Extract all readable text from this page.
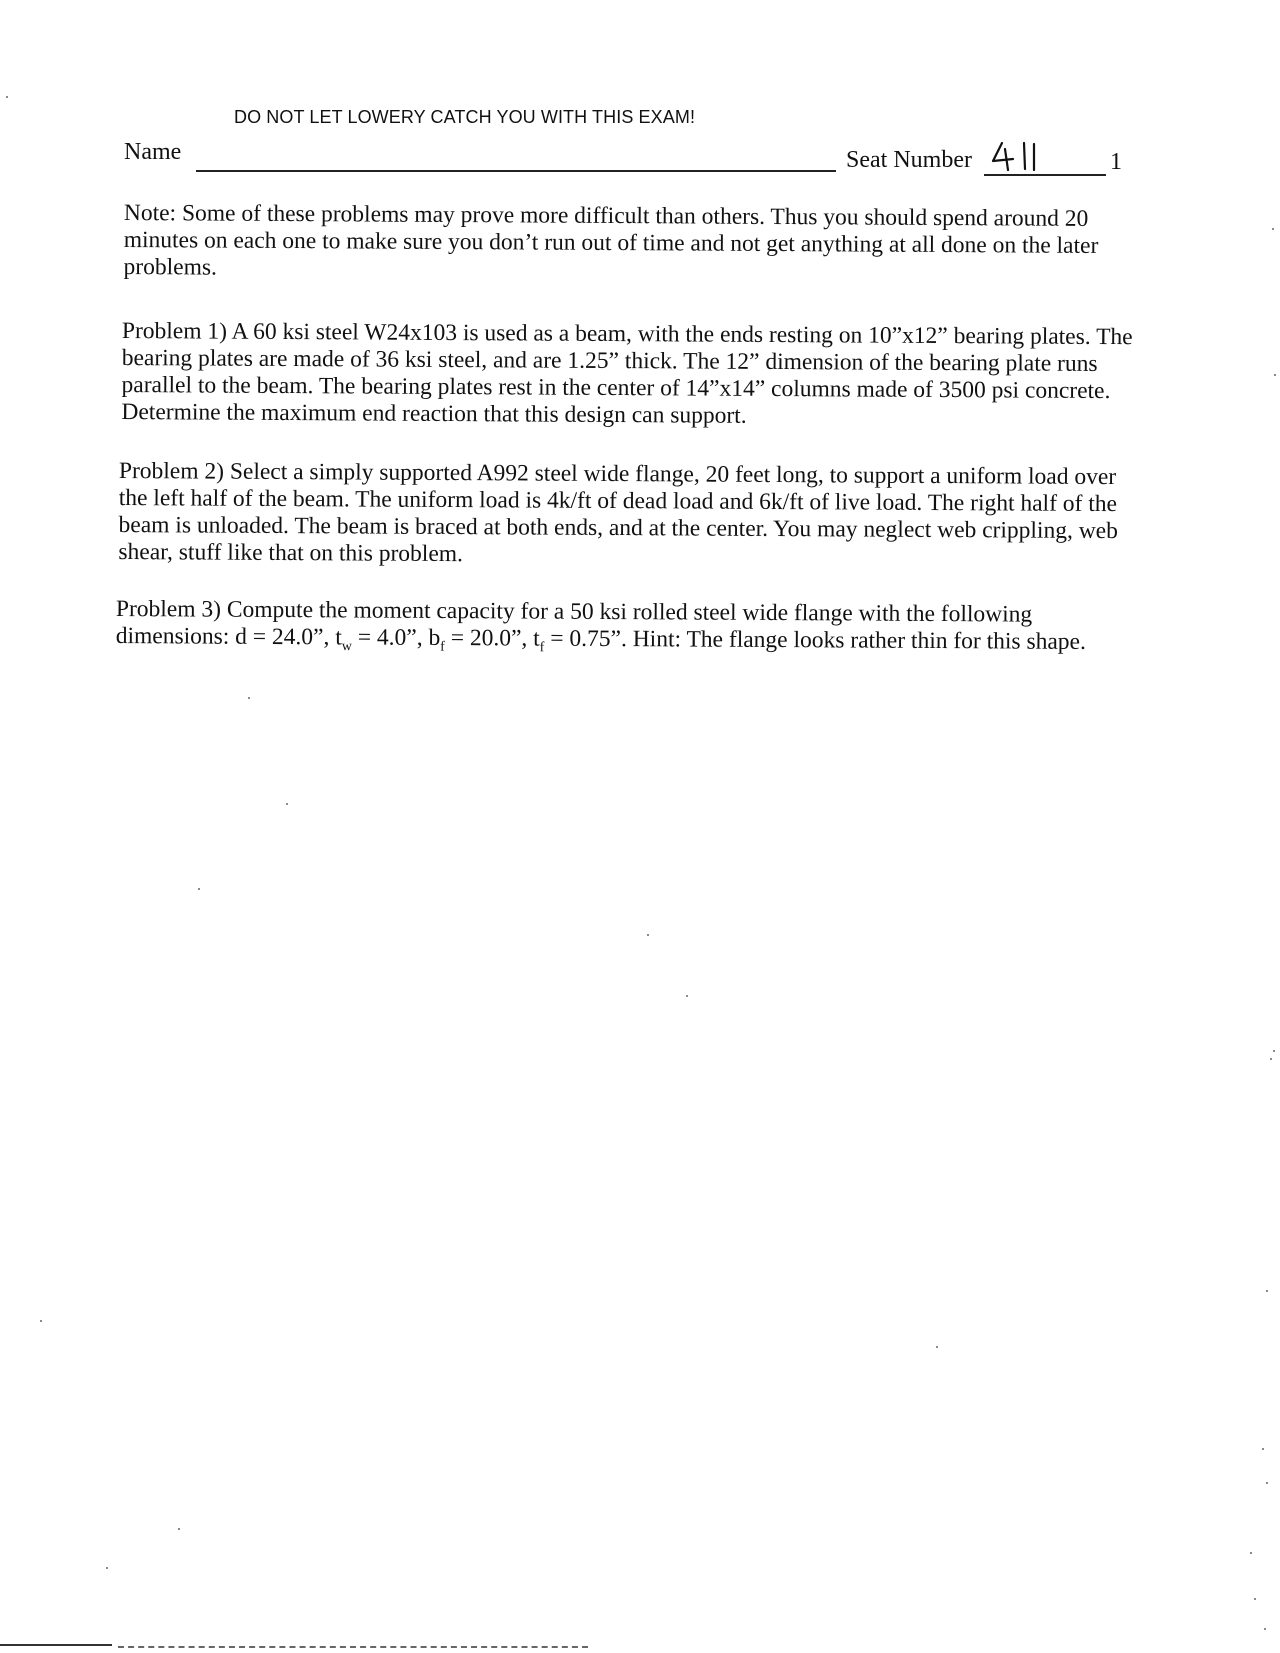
DO NOT LET LOWERY CATCH YOU WITH THIS EXAM!
Name	Seat Number	1
Note: Some of these problems may prove more difficult than others. Thus you should spend around 20 minutes on each one to make sure you don’t run out of time and not get anything at all done on the later problems.
Problem 1) A 60 ksi steel W24x103 is used as a beam, with the ends resting on 10”x12” bearing plates. The bearing plates are made of 36 ksi steel, and are 1.25” thick. The 12” dimension of the bearing plate runs parallel to the beam. The bearing plates rest in the center of 14”x14” columns made of 3500 psi concrete. Determine the maximum end reaction that this design can support.
Problem 2) Select a simply supported A992 steel wide flange, 20 feet long, to support a uniform load over the left half of the beam. The uniform load is 4k/ft of dead load and 6k/ft of live load. The right half of the beam is unloaded. The beam is braced at both ends, and at the center. You may neglect web crippling, web shear, stuff like that on this problem.
Problem 3) Compute the moment capacity for a 50 ksi rolled steel wide flange with the following dimensions: d = 24.0”, $t_w = 4.0$”, $b_f = 20.0$”, $t_f = 0.75$”. Hint: The flange looks rather thin for this shape.
